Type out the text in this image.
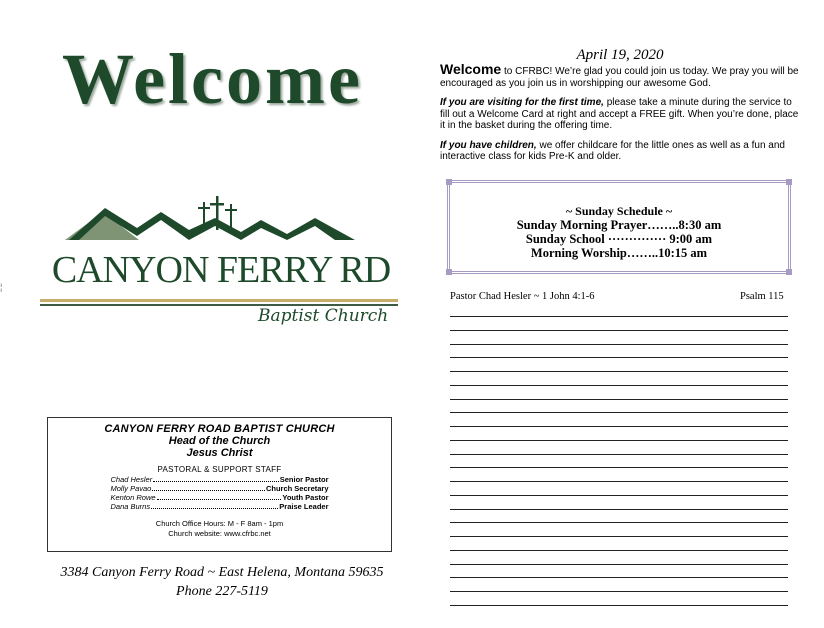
Welcome
CANYON FERRY RD
Baptist Church
CANYON FERRY ROAD BAPTIST CHURCH
Head of the Church
Jesus Christ
PASTORAL & SUPPORT STAFF
Chad Hesler	Senior Pastor
Molly Pavao	Church Secretary
Kenton Rowe	Youth Pastor
Dana Burns	Praise Leader
Church Office Hours: M - F 8am - 1pm
Church website: www.cfrbc.net
3384 Canyon Ferry Road ~ East Helena, Montana 59635
Phone 227-5119
¦
April 19, 2020

Welcome to CFRBC! We’re glad you could join us today. We pray you will be encouraged as you join us in worshipping our awesome God.

If you are visiting for the first time, please take a minute during the service to fill out a Welcome Card at right and accept a FREE gift. When you’re done, place it in the basket during the offering time.

If you have children, we offer childcare for the little ones as well as a fun and interactive class for kids Pre-K and older.

~ Sunday Schedule ~
Sunday Morning Prayer……..8:30 am
Sunday School ·············· 9:00 am
Morning Worship……..10:15 am
Pastor Chad Hesler ~ 1 John 4:1-6	Psalm 115
